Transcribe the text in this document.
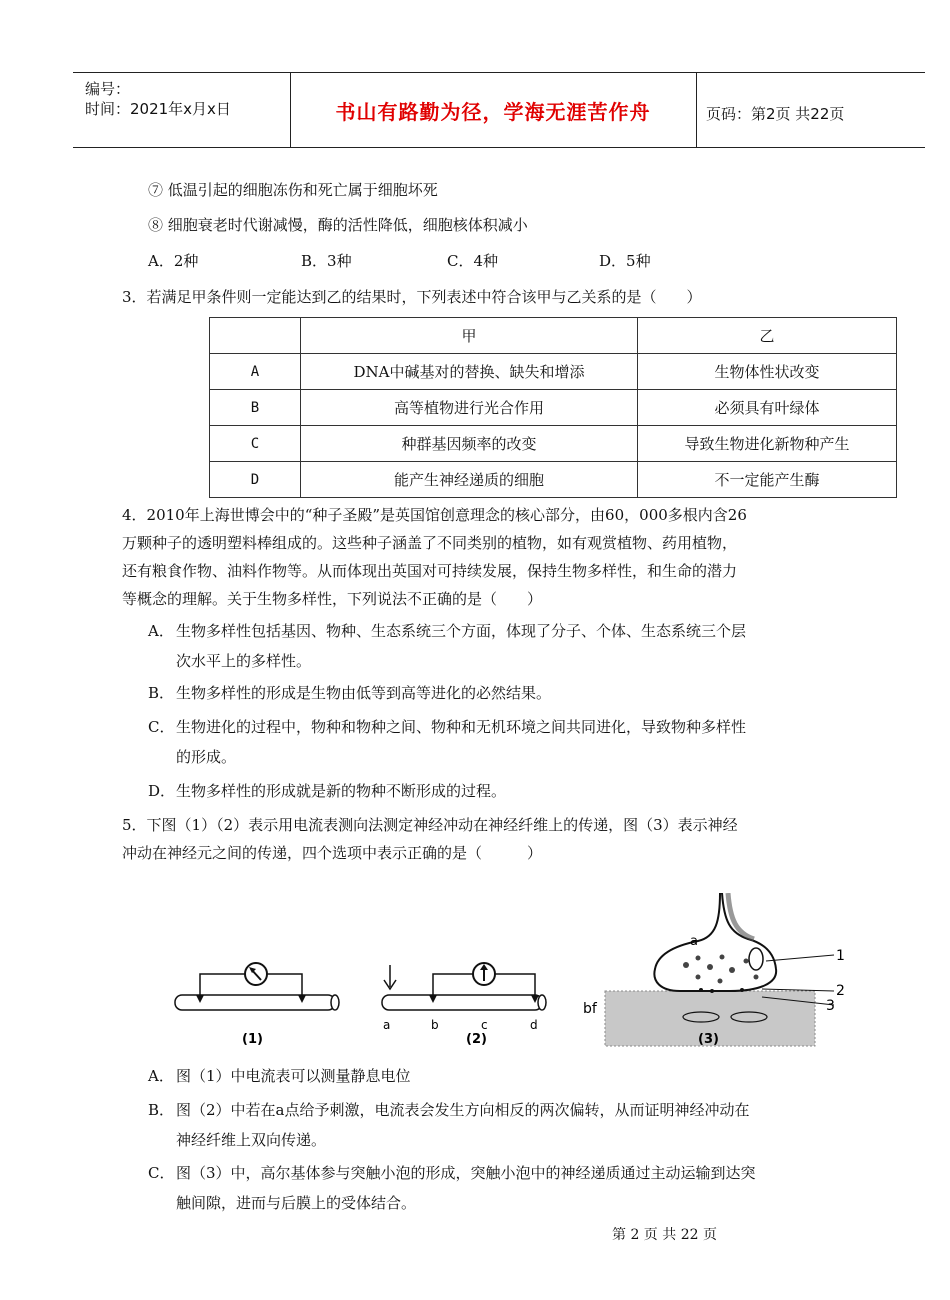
编号：
时间：2021年x月x日	书山有路勤为径，学海无涯苦作舟	页码：第2页 共22页
⑦ 低温引起的细胞冻伤和死亡属于细胞坏死
⑧ 细胞衰老时代谢减慢，酶的活性降低，细胞核体积减小
A．2种	B．3种	C．4种	D．5种
3．若满足甲条件则一定能达到乙的结果时，下列表述中符合该甲与乙关系的是（　　）
	甲	乙
A	DNA中碱基对的替换、缺失和增添	生物体性状改变
B	高等植物进行光合作用	必须具有叶绿体
C	种群基因频率的改变	导致生物进化新物种产生
D	能产生神经递质的细胞	不一定能产生酶
4．2010年上海世博会中的“种子圣殿”是英国馆创意理念的核心部分，由60，000多根内含26
万颗种子的透明塑料棒组成的。这些种子涵盖了不同类别的植物，如有观赏植物、药用植物，
还有粮食作物、油料作物等。从而体现出英国对可持续发展，保持生物多样性，和生命的潜力
等概念的理解。关于生物多样性，下列说法不正确的是（　　）
A． 生物多样性包括基因、物种、生态系统三个方面，体现了分子、个体、生态系统三个层
次水平上的多样性。
B． 生物多样性的形成是生物由低等到高等进化的必然结果。
C． 生物进化的过程中，物种和物种之间、物种和无机环境之间共同进化，导致物种多样性
的形成。
D．生物多样性的形成就是新的物种不断形成的过程。
5．下图（1）（2）表示用电流表测向法测定神经冲动在神经纤维上的传递，图（3）表示神经
冲动在神经元之间的传递，四个选项中表示正确的是（　　　）
(1)
a	b	c	d
(2)
a
1
2
3
bf
(3)
A． 图（1）中电流表可以测量静息电位
B． 图（2）中若在a点给予刺激，电流表会发生方向相反的两次偏转，从而证明神经冲动在
神经纤维上双向传递。
C． 图（3）中，高尔基体参与突触小泡的形成，突触小泡中的神经递质通过主动运输到达突
触间隙，进而与后膜上的受体结合。
第 2 页 共 22 页
